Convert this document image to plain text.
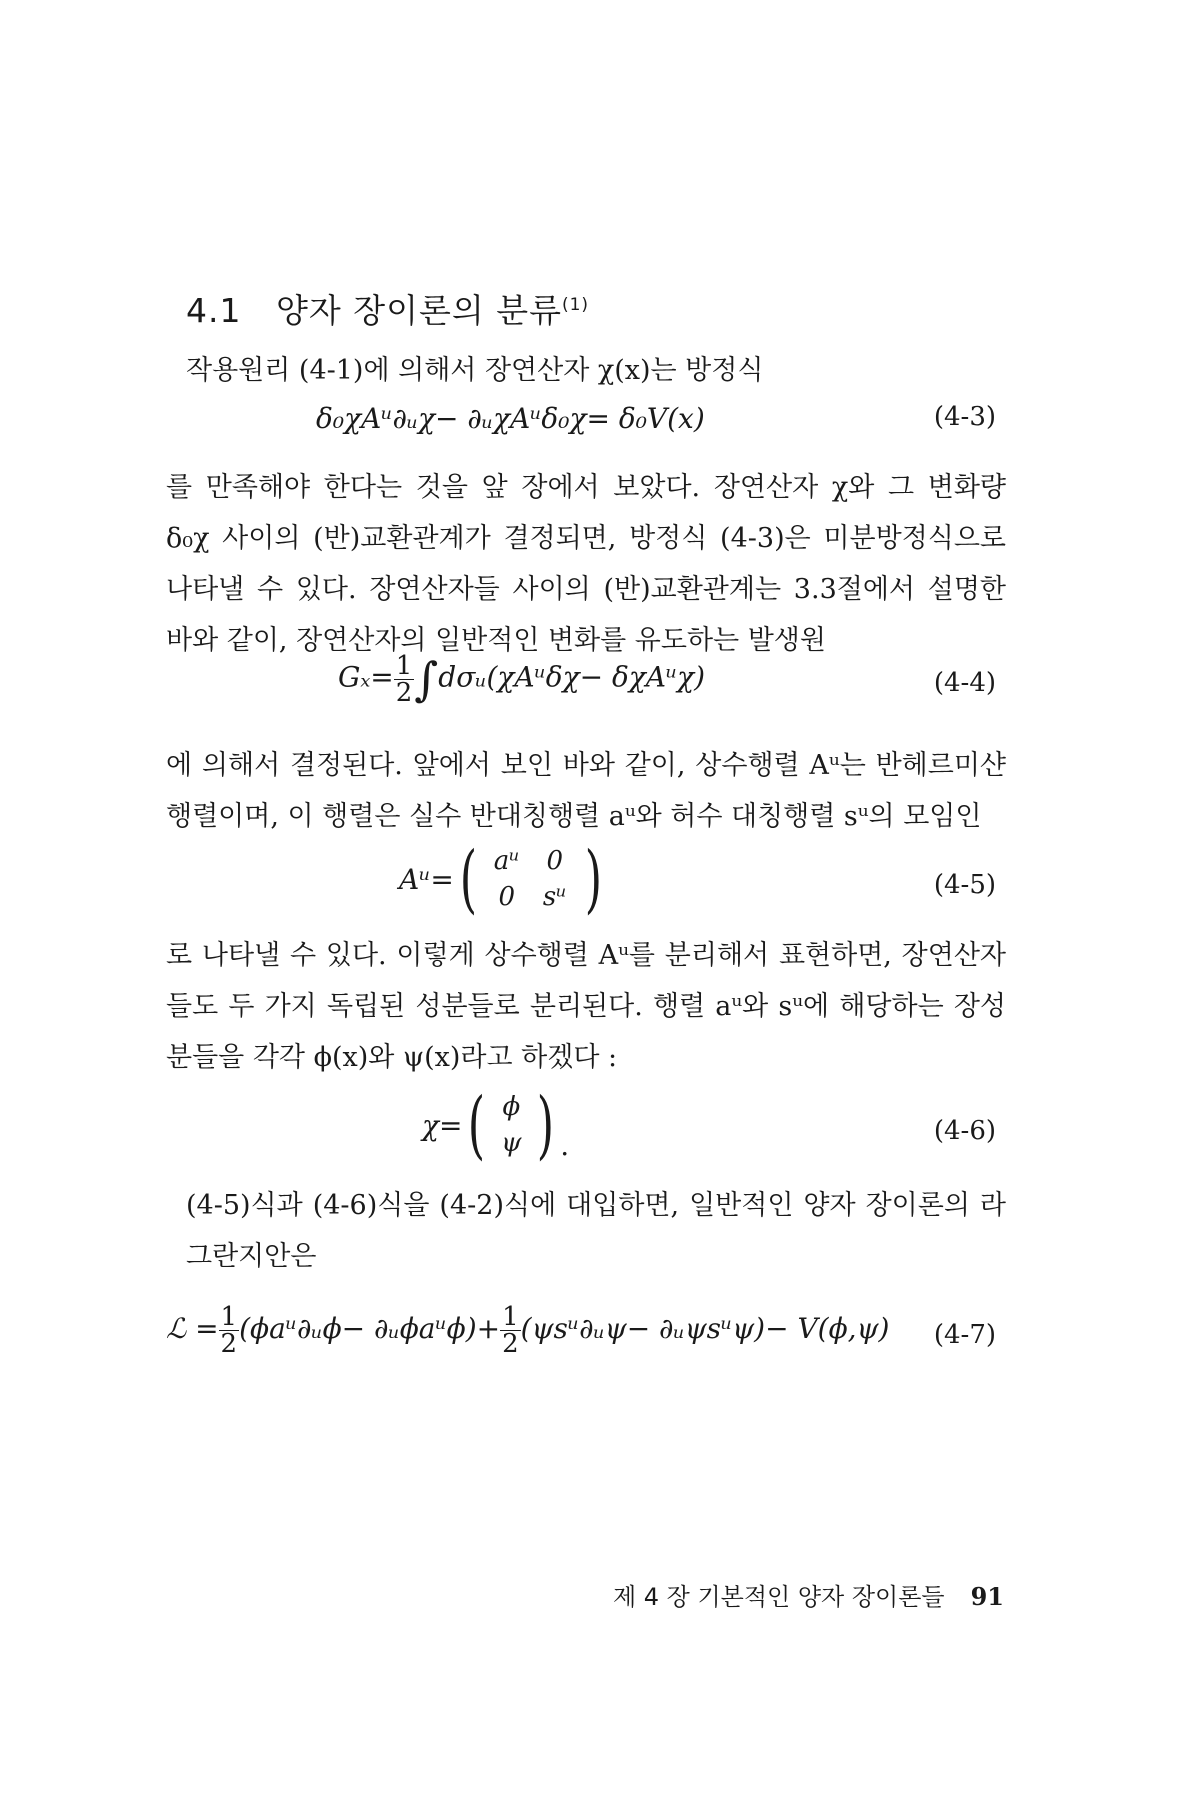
4.1 양자 장이론의 분류$^{(1)}$
작용원리 (4-1)에 의해서 장연산자 χ(x)는 방정식
δ₀χAᵘ∂ᵤχ− ∂ᵤχAᵘδ₀χ= δ₀V(x)	(4-3)
를 만족해야 한다는 것을 앞 장에서 보았다. 장연산자 χ와 그 변화량 δ₀χ 사이의 (반)교환관계가 결정되면, 방정식 (4-3)은 미분방정식으로 나타낼 수 있다. 장연산자들 사이의 (반)교환관계는 3.3절에서 설명한 바와 같이, 장연산자의 일반적인 변화를 유도하는 발생원
$G_x= \frac{1}{2}$ ∫dσᵤ(χAᵘδχ− δχAᵘχ)	(4-4)
에 의해서 결정된다. 앞에서 보인 바와 같이, 상수행렬 Aᵘ는 반헤르미샨 행렬이며, 이 행렬은 실수 반대칭행렬 aᵘ와 허수 대칭행렬 sᵘ의 모임인
Aᵘ= ( aᵘ	0
0	sᵘ )	(4-5)
로 나타낼 수 있다. 이렇게 상수행렬 Aᵘ를 분리해서 표현하면, 장연산자들도 두 가지 독립된 성분들로 분리된다. 행렬 aᵘ와 sᵘ에 해당하는 장성분들을 각각 ϕ(x)와 ψ(x)라고 하겠다 :
χ= ( ϕ
ψ ) .	(4-6)
(4-5)식과 (4-6)식을 (4-2)식에 대입하면, 일반적인 양자 장이론의 라그란지안은
ℒ = $\frac{1}{2}$ (ϕaᵘ∂ᵤϕ− ∂ᵤϕaᵘϕ)+ $\frac{1}{2}$ (ψsᵘ∂ᵤψ− ∂ᵤψsᵘψ)− V(ϕ,ψ) (4-7)
제 4 장 기본적인 양자 장이론들 91
